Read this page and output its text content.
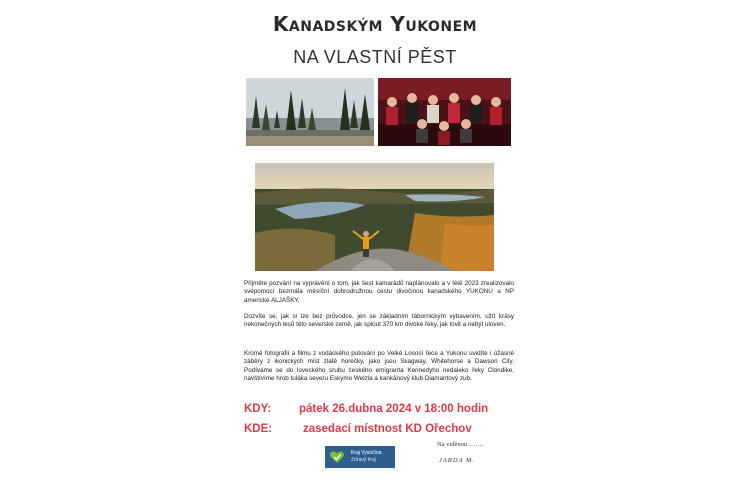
Kanadským Yukonem
NA VLASTNÍ PĚST
Přijměte pozvání na vyprávění o tom, jak šest kamarádů naplánovalo a v létě 2023 zrealizovalo svépomocí bezmála měsíční dobrodružnou cestu divočinou kanadského YUKONU a NP americké ALJAŠKY.
Dozvíte se, jak si lze bez průvodce, jen se základním tábornickým vybavením, užít krásy nekonečných lesů této severské země, jak splout 370 km divoké řeky, jak lovit a nebýt uloven.
Kromě fotografií a filmu z vodáckého putování po Velké Lososí řece a Yukonu uvidíte i úžasné záběry z ikonických míst zlaté horečky, jako jsou Skagway, Whitehorse a Dawson City. Podíváme se do loveckého srubu českého emigranta Kennedyho nedaleko řeky Clondike, navštívíme hrob tuláka severu Eskymo Welzla a kankánový klub Diamantový zub.
KDY: pátek 26.dubna 2024 v 18:00 hodin
KDE:	zasedací místnost KD Ořechov
Kraj Vysočina
Zdravý kraj
Na viděnou …….
JARDA M.
